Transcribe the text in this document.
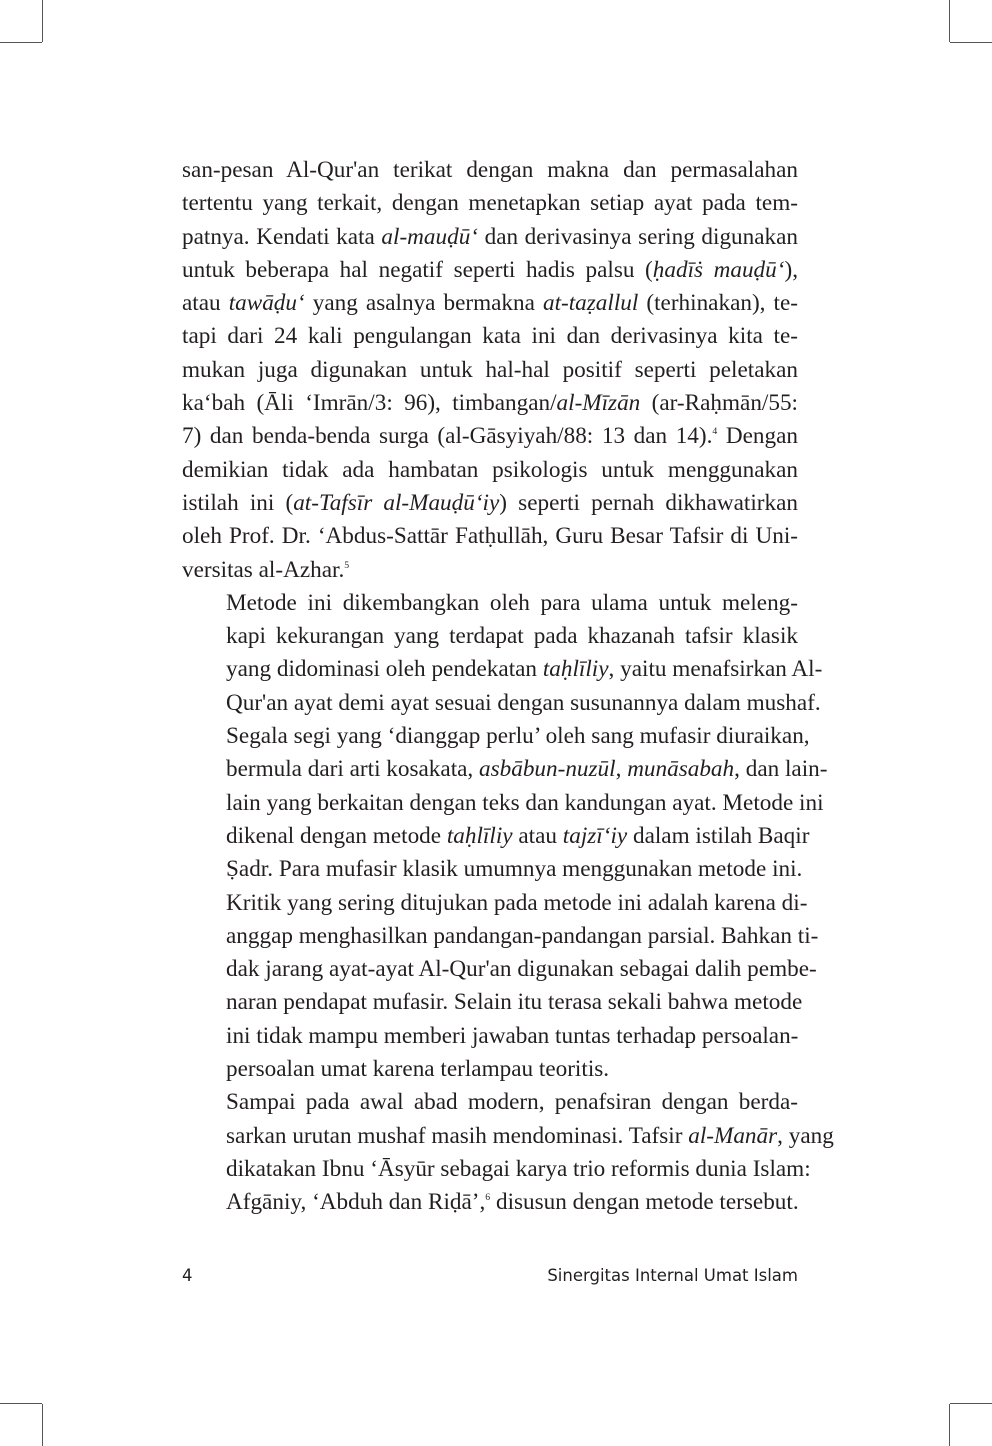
san-pesan Al-Qur'an terikat dengan makna dan permasalahan
tertentu yang terkait, dengan menetapkan setiap ayat pada tem-
patnya. Kendati kata al-mauḍū‘ dan derivasinya sering digunakan
untuk beberapa hal negatif seperti hadis palsu (ḥadīṡ mauḍū‘),
atau tawāḍu‘ yang asalnya bermakna at-taẓallul (terhinakan), te-
tapi dari 24 kali pengulangan kata ini dan derivasinya kita te-
mukan juga digunakan untuk hal-hal positif seperti peletakan
ka‘bah (Āli ‘Imrān/3: 96), timbangan/al-Mīzān (ar-Raḥmān/55:
7) dan benda-benda surga (al-Gāsyiyah/88: 13 dan 14).$^4$ Dengan
demikian tidak ada hambatan psikologis untuk menggunakan
istilah ini (at-Tafsīr al-Mauḍū‘iy) seperti pernah dikhawatirkan
oleh Prof. Dr. ‘Abdus-Sattār Fatḥullāh, Guru Besar Tafsir di Uni-
versitas al-Azhar.$^5$

Metode ini dikembangkan oleh para ulama untuk meleng-
kapi kekurangan yang terdapat pada khazanah tafsir klasik
yang didominasi oleh pendekatan taḥlīliy, yaitu menafsirkan Al-
Qur'an ayat demi ayat sesuai dengan susunannya dalam mushaf.
Segala segi yang ‘dianggap perlu’ oleh sang mufasir diuraikan,
bermula dari arti kosakata, asbābun-nuzūl, munāsabah, dan lain-
lain yang berkaitan dengan teks dan kandungan ayat. Metode ini
dikenal dengan metode taḥlīliy atau tajzī‘iy dalam istilah Baqir
Ṣadr. Para mufasir klasik umumnya menggunakan metode ini.
Kritik yang sering ditujukan pada metode ini adalah karena di-
anggap menghasilkan pandangan-pandangan parsial. Bahkan ti-
dak jarang ayat-ayat Al-Qur'an digunakan sebagai dalih pembe-
naran pendapat mufasir. Selain itu terasa sekali bahwa metode
ini tidak mampu memberi jawaban tuntas terhadap persoalan-
persoalan umat karena terlampau teoritis.

Sampai pada awal abad modern, penafsiran dengan berda-
sarkan urutan mushaf masih mendominasi. Tafsir al-Manār, yang
dikatakan Ibnu ‘Āsyūr sebagai karya trio reformis dunia Islam:
Afgāniy, ‘Abduh dan Riḍā’,$^6$ disusun dengan metode tersebut.

4	Sinergitas Internal Umat Islam
